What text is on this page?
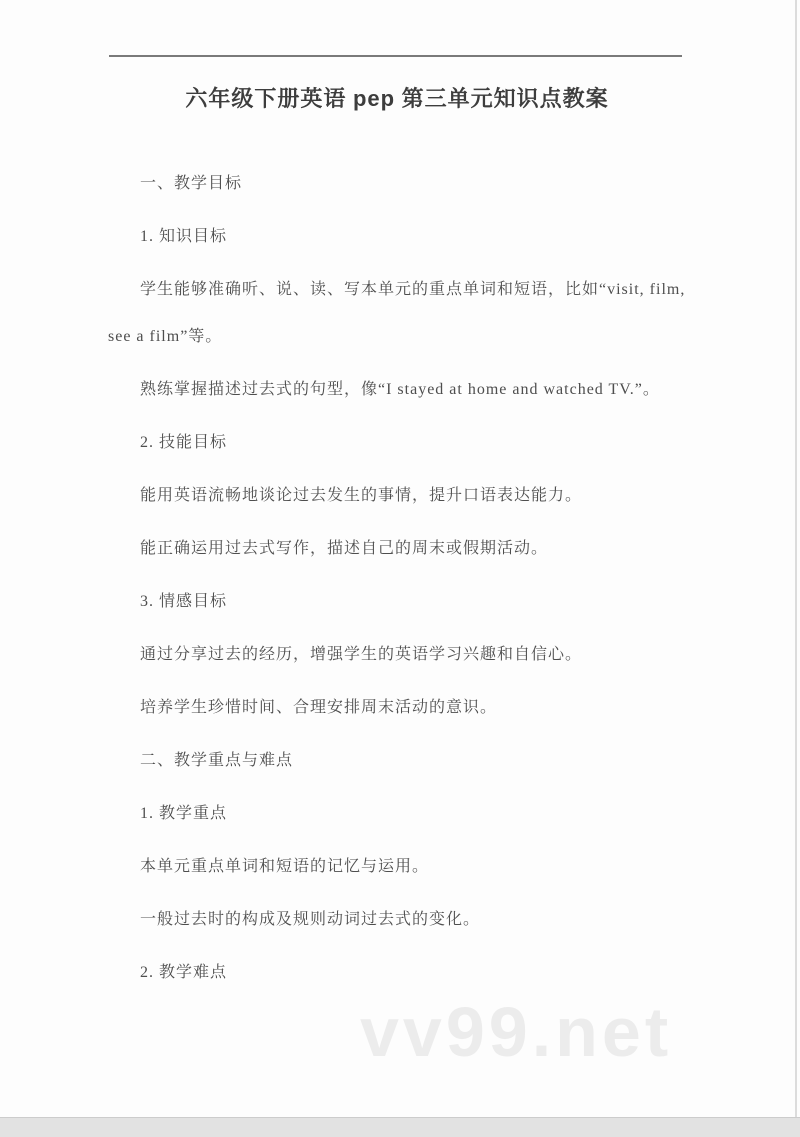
六年级下册英语 pep 第三单元知识点教案

一、教学目标

1. 知识目标

学生能够准确听、说、读、写本单元的重点单词和短语，比如“visit, film, see a film”等。

熟练掌握描述过去式的句型，像“I stayed at home and watched TV.”。

2. 技能目标

能用英语流畅地谈论过去发生的事情，提升口语表达能力。

能正确运用过去式写作，描述自己的周末或假期活动。

3. 情感目标

通过分享过去的经历，增强学生的英语学习兴趣和自信心。

培养学生珍惜时间、合理安排周末活动的意识。

二、教学重点与难点

1. 教学重点

本单元重点单词和短语的记忆与运用。

一般过去时的构成及规则动词过去式的变化。

2. 教学难点

vv99.net
